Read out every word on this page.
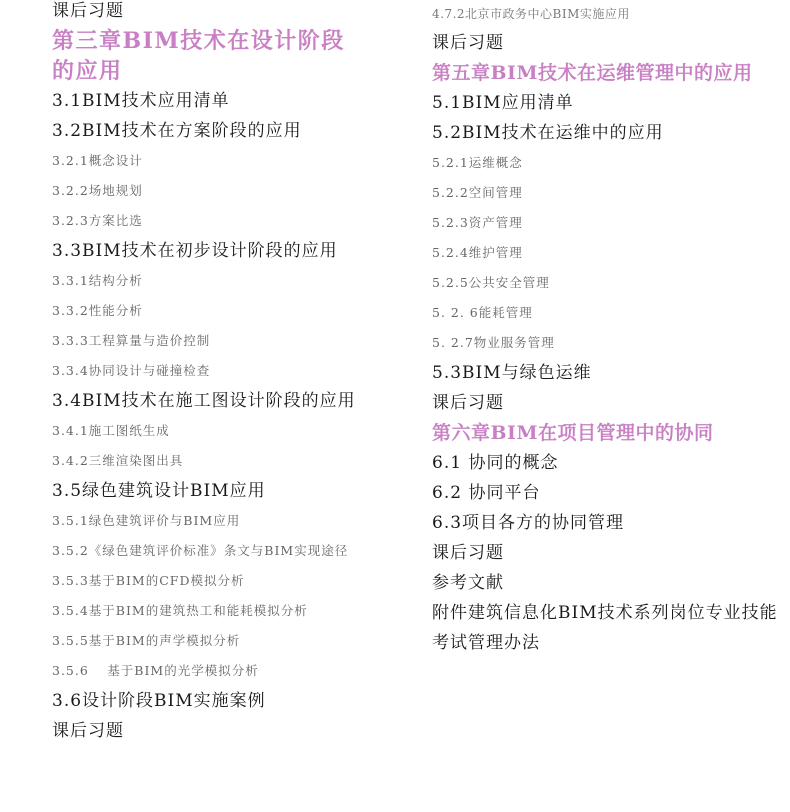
课后习题
第三章BIM技术在设计阶段
的应用
3.1BIM技术应用清单
3.2BIM技术在方案阶段的应用
3.2.1概念设计
3.2.2场地规划
3.2.3方案比选
3.3BIM技术在初步设计阶段的应用
3.3.1结构分析
3.3.2性能分析
3.3.3工程算量与造价控制
3.3.4协同设计与碰撞检查
3.4BIM技术在施工图设计阶段的应用
3.4.1施工图纸生成
3.4.2三维渲染图出具
3.5绿色建筑设计BIM应用
3.5.1绿色建筑评价与BIM应用
3.5.2《绿色建筑评价标准》条文与BIM实现途径
3.5.3基于BIM的CFD模拟分析
3.5.4基于BIM的建筑热工和能耗模拟分析
3.5.5基于BIM的声学模拟分析
3.5.6　 基于BIM的光学模拟分析
3.6设计阶段BIM实施案例
课后习题
4.7.2北京市政务中心BIM实施应用
课后习题
第五章BIM技术在运维管理中的应用
5.1BIM应用清单
5.2BIM技术在运维中的应用
5.2.1运维概念
5.2.2空间管理
5.2.3资产管理
5.2.4维护管理
5.2.5公共安全管理
5. 2. 6能耗管理
5. 2.7物业服务管理
5.3BIM与绿色运维
课后习题
第六章BIM在项目管理中的协同
6.1 协同的概念
6.2 协同平台
6.3项目各方的协同管理
课后习题
参考文献
附件建筑信息化BIM技术系列岗位专业技能
考试管理办法
